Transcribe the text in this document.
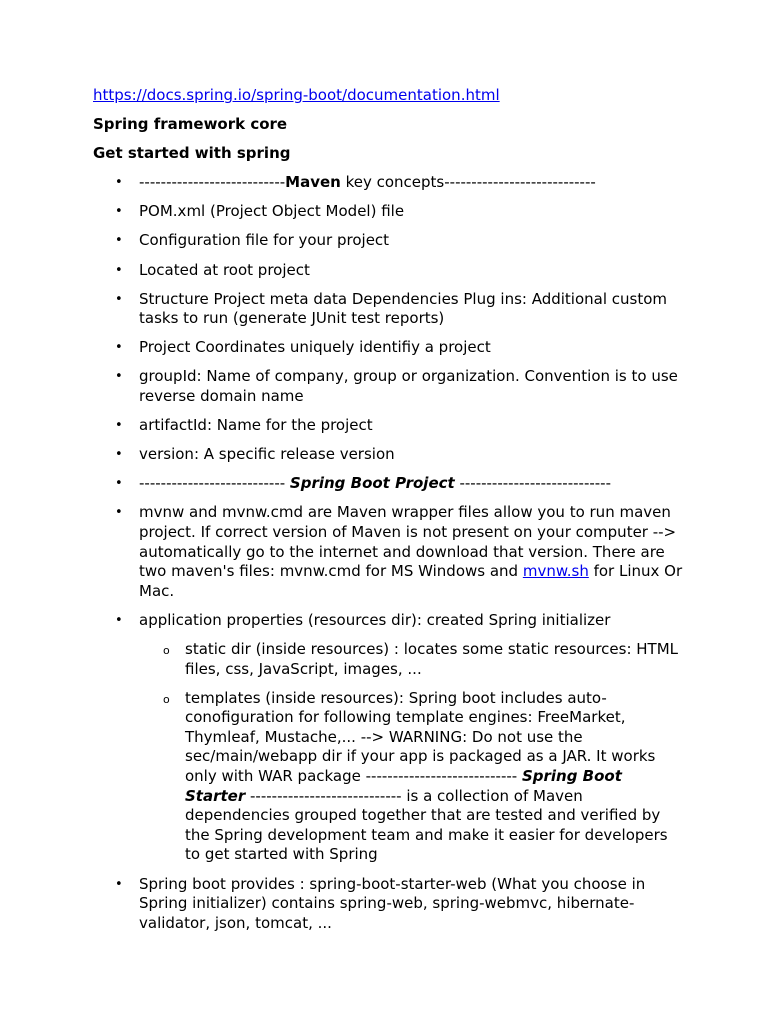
https://docs.spring.io/spring-boot/documentation.html

Spring framework core

Get started with spring

• ---------------------------Maven key concepts----------------------------
• POM.xml (Project Object Model) file
• Configuration file for your project
• Located at root project
• Structure Project meta data Dependencies Plug ins: Additional custom tasks to run (generate JUnit test reports)
• Project Coordinates uniquely identifiy a project
• groupId: Name of company, group or organization. Convention is to use reverse domain name
• artifactId: Name for the project
• version: A specific release version
• --------------------------- Spring Boot Project ----------------------------
• mvnw and mvnw.cmd are Maven wrapper files allow you to run maven project. If correct version of Maven is not present on your computer --> automatically go to the internet and download that version. There are two maven's files: mvnw.cmd for MS Windows and mvnw.sh for Linux Or Mac.
• application properties (resources dir): created Spring initializer
o static dir (inside resources) : locates some static resources: HTML files, css, JavaScript, images, ...
o templates (inside resources): Spring boot includes auto-conofiguration for following template engines: FreeMarket, Thymleaf, Mustache,... --> WARNING: Do not use the sec/main/webapp dir if your app is packaged as a JAR. It works only with WAR package ---------------------------- Spring Boot Starter ---------------------------- is a collection of Maven dependencies grouped together that are tested and verified by the Spring development team and make it easier for developers to get started with Spring
• Spring boot provides : spring-boot-starter-web (What you choose in Spring initializer) contains spring-web, spring-webmvc, hibernate-validator, json, tomcat, ...
